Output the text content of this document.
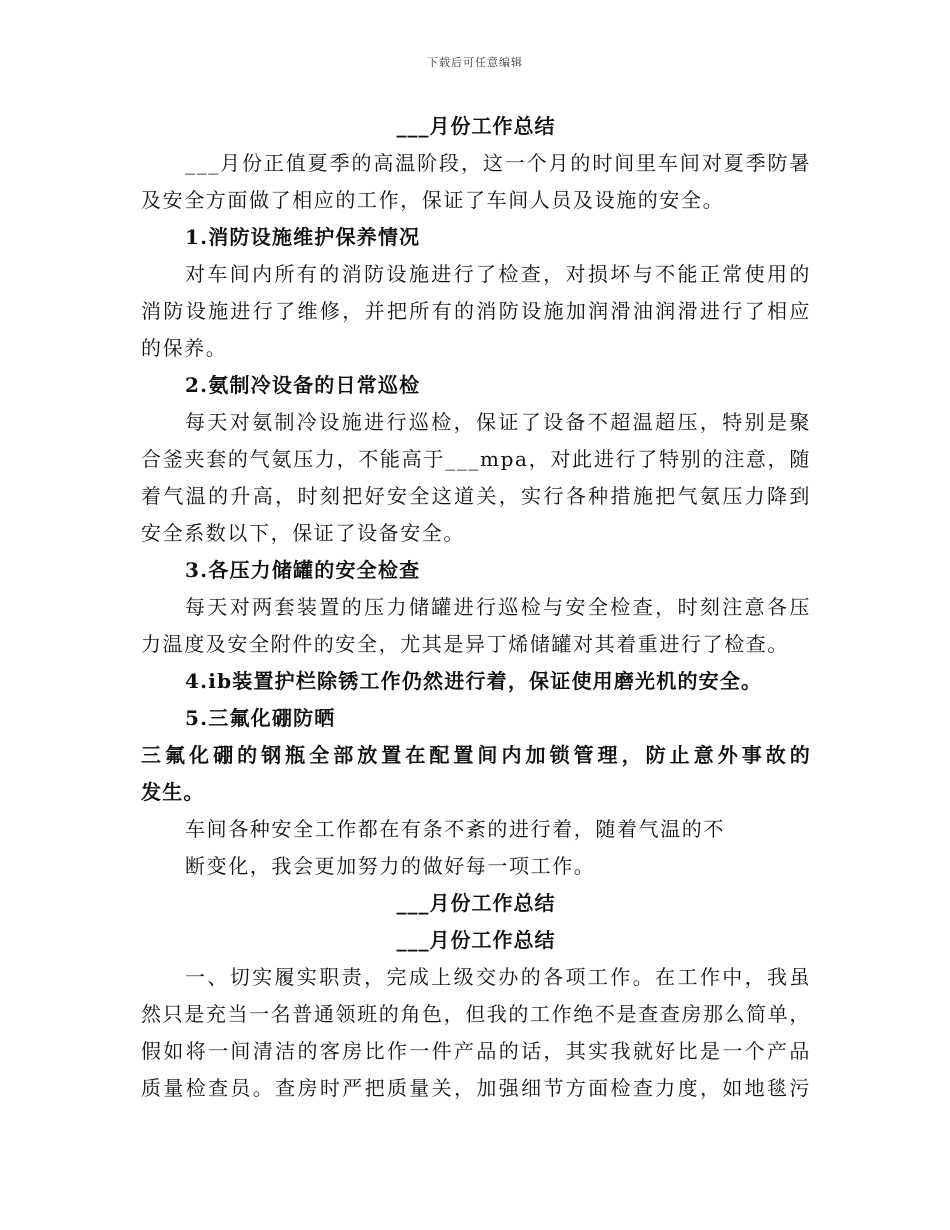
下载后可任意编辑
___月份工作总结
___月份正值夏季的高温阶段，这一个月的时间里车间对夏季防暑
及安全方面做了相应的工作，保证了车间人员及设施的安全。
1.消防设施维护保养情况
对车间内所有的消防设施进行了检查，对损坏与不能正常使用的
消防设施进行了维修，并把所有的消防设施加润滑油润滑进行了相应
的保养。
2.氨制冷设备的日常巡检
每天对氨制冷设施进行巡检，保证了设备不超温超压，特别是聚
合釜夹套的气氨压力，不能高于___mpa，对此进行了特别的注意，随
着气温的升高，时刻把好安全这道关，实行各种措施把气氨压力降到
安全系数以下，保证了设备安全。
3.各压力储罐的安全检查
每天对两套装置的压力储罐进行巡检与安全检查，时刻注意各压
力温度及安全附件的安全，尤其是异丁烯储罐对其着重进行了检查。
4.ib装置护栏除锈工作仍然进行着，保证使用磨光机的安全。
5.三氟化硼防晒
三氟化硼的钢瓶全部放置在配置间内加锁管理，防止意外事故的
发生。
车间各种安全工作都在有条不紊的进行着，随着气温的不
断变化，我会更加努力的做好每一项工作。
___月份工作总结
___月份工作总结
一、切实履实职责，完成上级交办的各项工作。在工作中，我虽
然只是充当一名普通领班的角色，但我的工作绝不是查查房那么简单，
假如将一间清洁的客房比作一件产品的话，其实我就好比是一个产品
质量检查员。查房时严把质量关，加强细节方面检查力度，如地毯污
